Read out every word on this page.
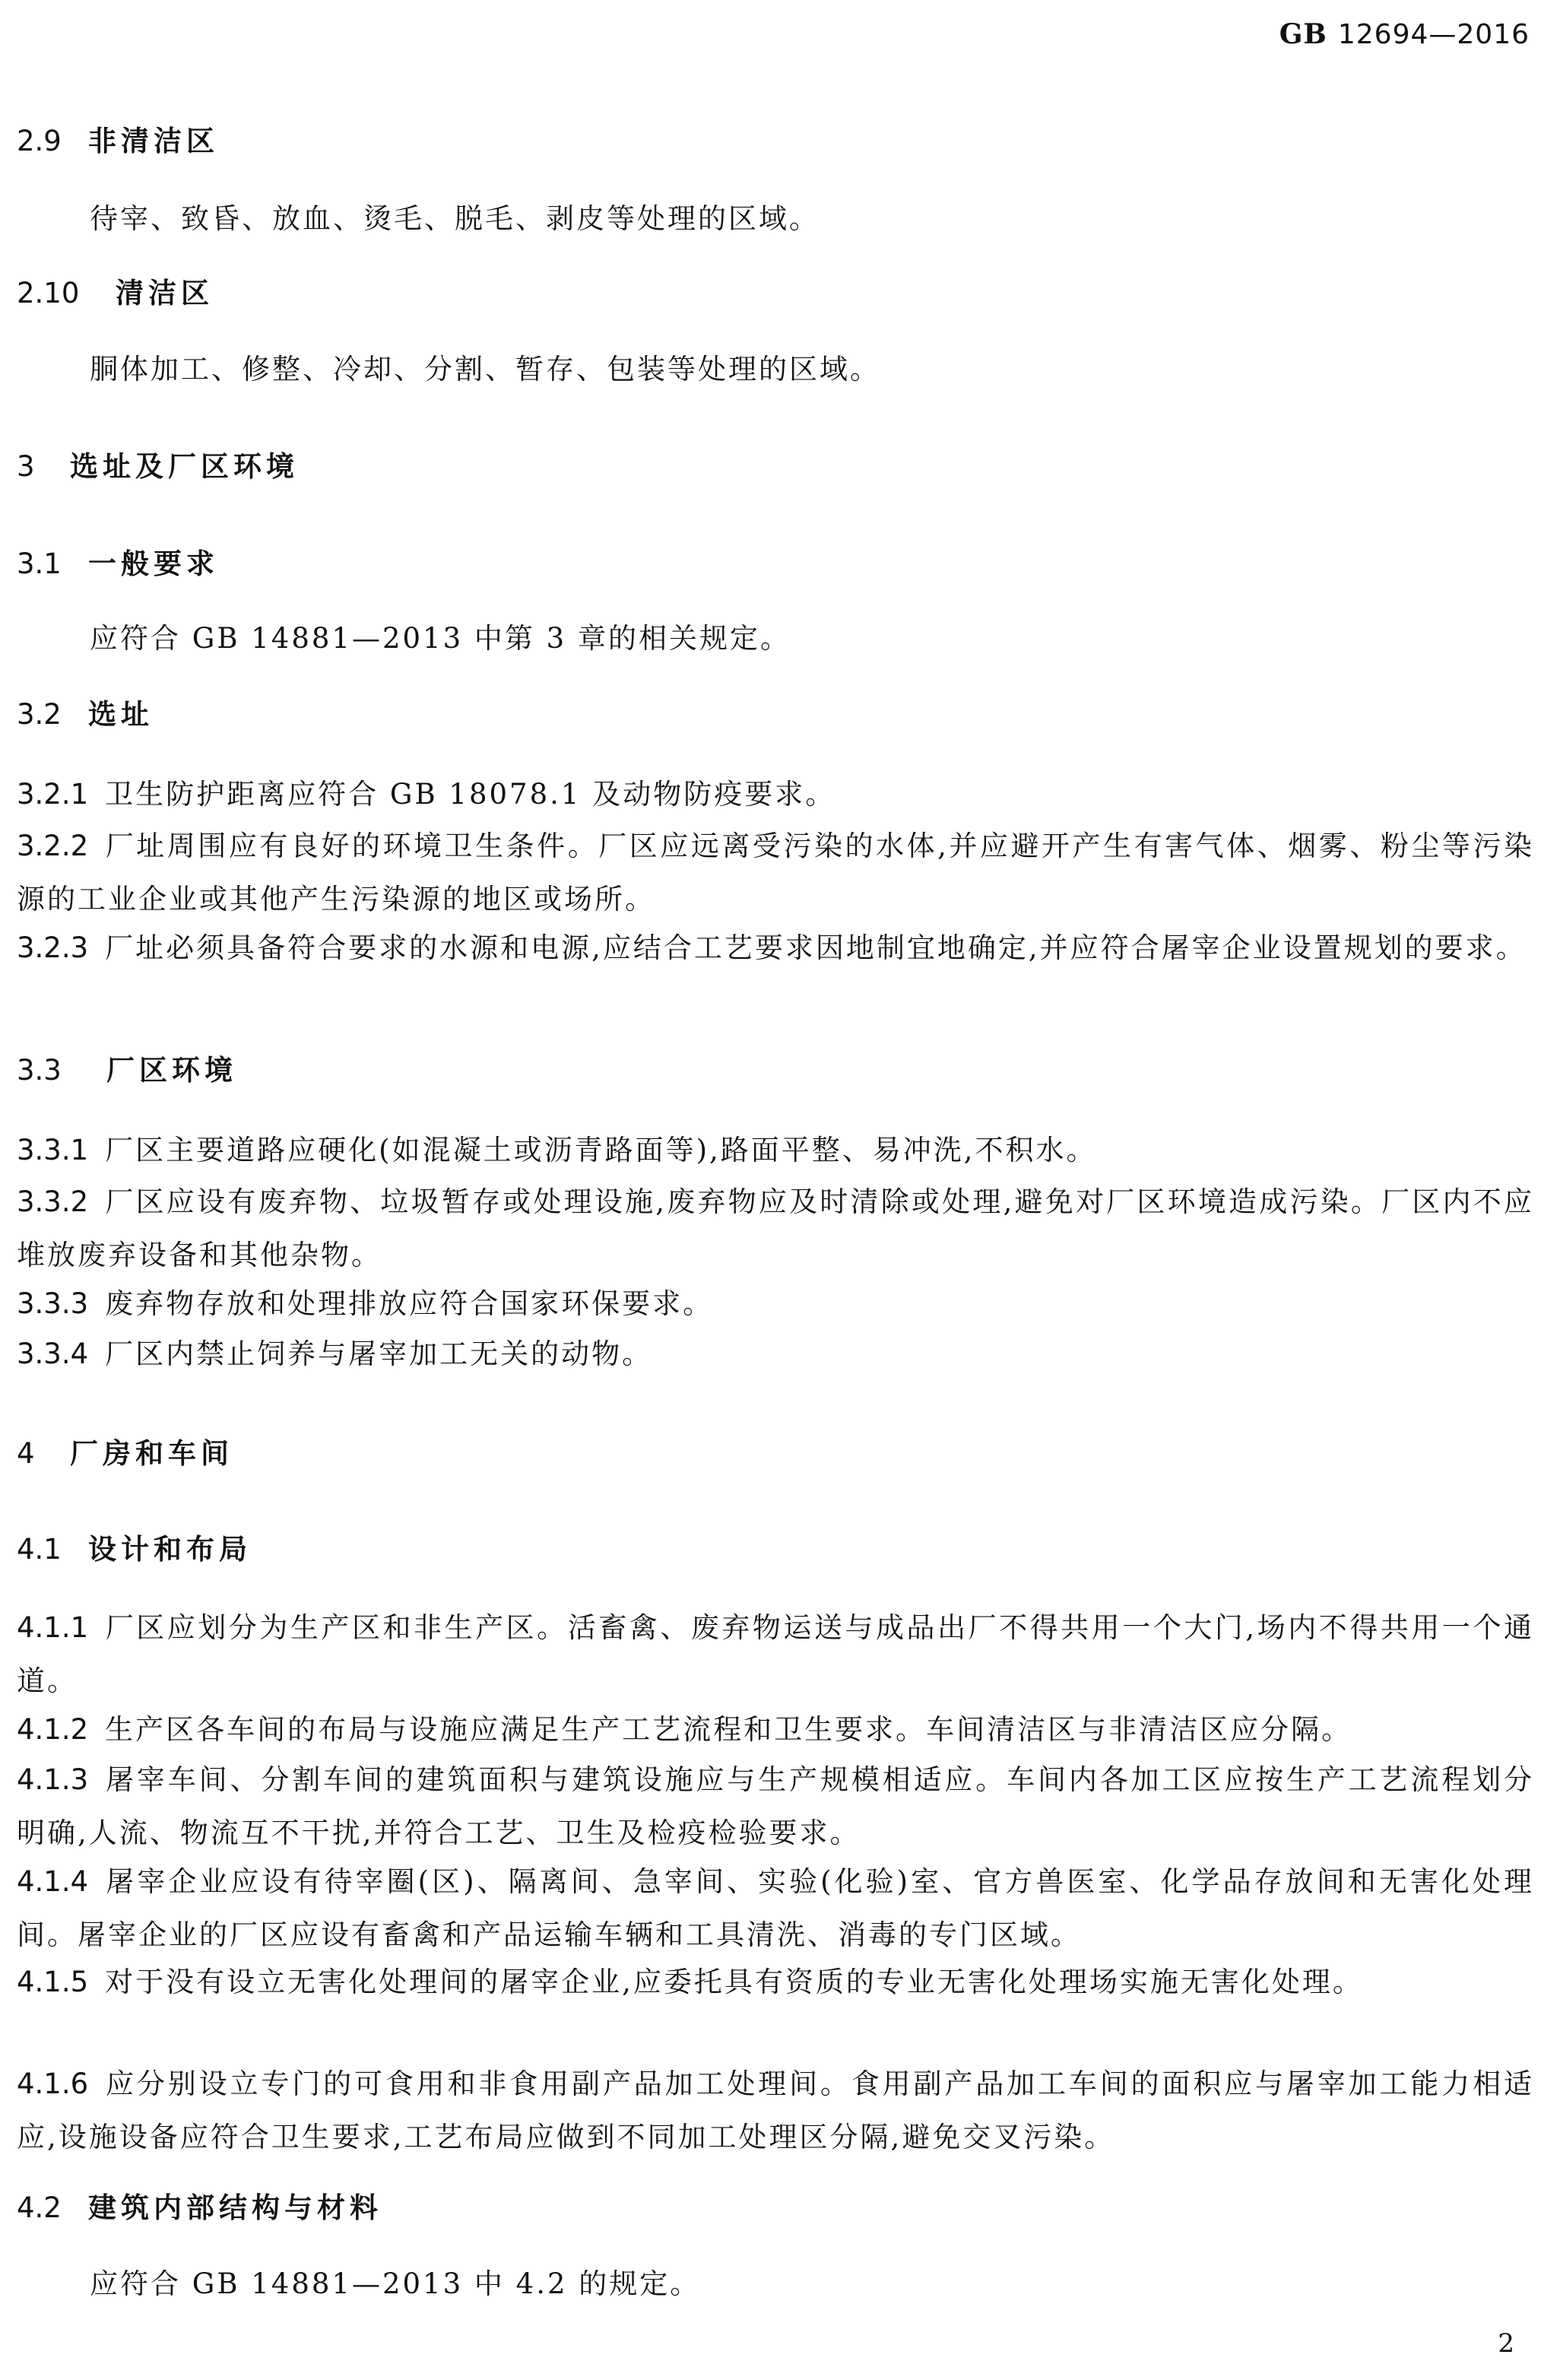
GB 12694—2016
2.9 非清洁区
待宰、致昏、放血、烫毛、脱毛、剥皮等处理的区域。
2.10 清洁区
胴体加工、修整、冷却、分割、暂存、包装等处理的区域。
3 选址及厂区环境
3.1 一般要求
应符合 GB 14881—2013 中第 3 章的相关规定。
3.2 选址
3.2.1 卫生防护距离应符合 GB 18078.1 及动物防疫要求。
3.2.2 厂址周围应有良好的环境卫生条件。厂区应远离受污染的水体,并应避开产生有害气体、烟雾、粉尘等污染源的工业企业或其他产生污染源的地区或场所。
3.2.3 厂址必须具备符合要求的水源和电源,应结合工艺要求因地制宜地确定,并应符合屠宰企业设置规划的要求。
3.3 厂区环境
3.3.1 厂区主要道路应硬化(如混凝土或沥青路面等),路面平整、易冲洗,不积水。
3.3.2 厂区应设有废弃物、垃圾暂存或处理设施,废弃物应及时清除或处理,避免对厂区环境造成污染。厂区内不应堆放废弃设备和其他杂物。
3.3.3 废弃物存放和处理排放应符合国家环保要求。
3.3.4 厂区内禁止饲养与屠宰加工无关的动物。
4 厂房和车间
4.1 设计和布局
4.1.1 厂区应划分为生产区和非生产区。活畜禽、废弃物运送与成品出厂不得共用一个大门,场内不得共用一个通道。
4.1.2 生产区各车间的布局与设施应满足生产工艺流程和卫生要求。车间清洁区与非清洁区应分隔。
4.1.3 屠宰车间、分割车间的建筑面积与建筑设施应与生产规模相适应。车间内各加工区应按生产工艺流程划分明确,人流、物流互不干扰,并符合工艺、卫生及检疫检验要求。
4.1.4 屠宰企业应设有待宰圈(区)、隔离间、急宰间、实验(化验)室、官方兽医室、化学品存放间和无害化处理间。屠宰企业的厂区应设有畜禽和产品运输车辆和工具清洗、消毒的专门区域。
4.1.5 对于没有设立无害化处理间的屠宰企业,应委托具有资质的专业无害化处理场实施无害化处理。
4.1.6 应分别设立专门的可食用和非食用副产品加工处理间。食用副产品加工车间的面积应与屠宰加工能力相适应,设施设备应符合卫生要求,工艺布局应做到不同加工处理区分隔,避免交叉污染。
4.2 建筑内部结构与材料
应符合 GB 14881—2013 中 4.2 的规定。
2
